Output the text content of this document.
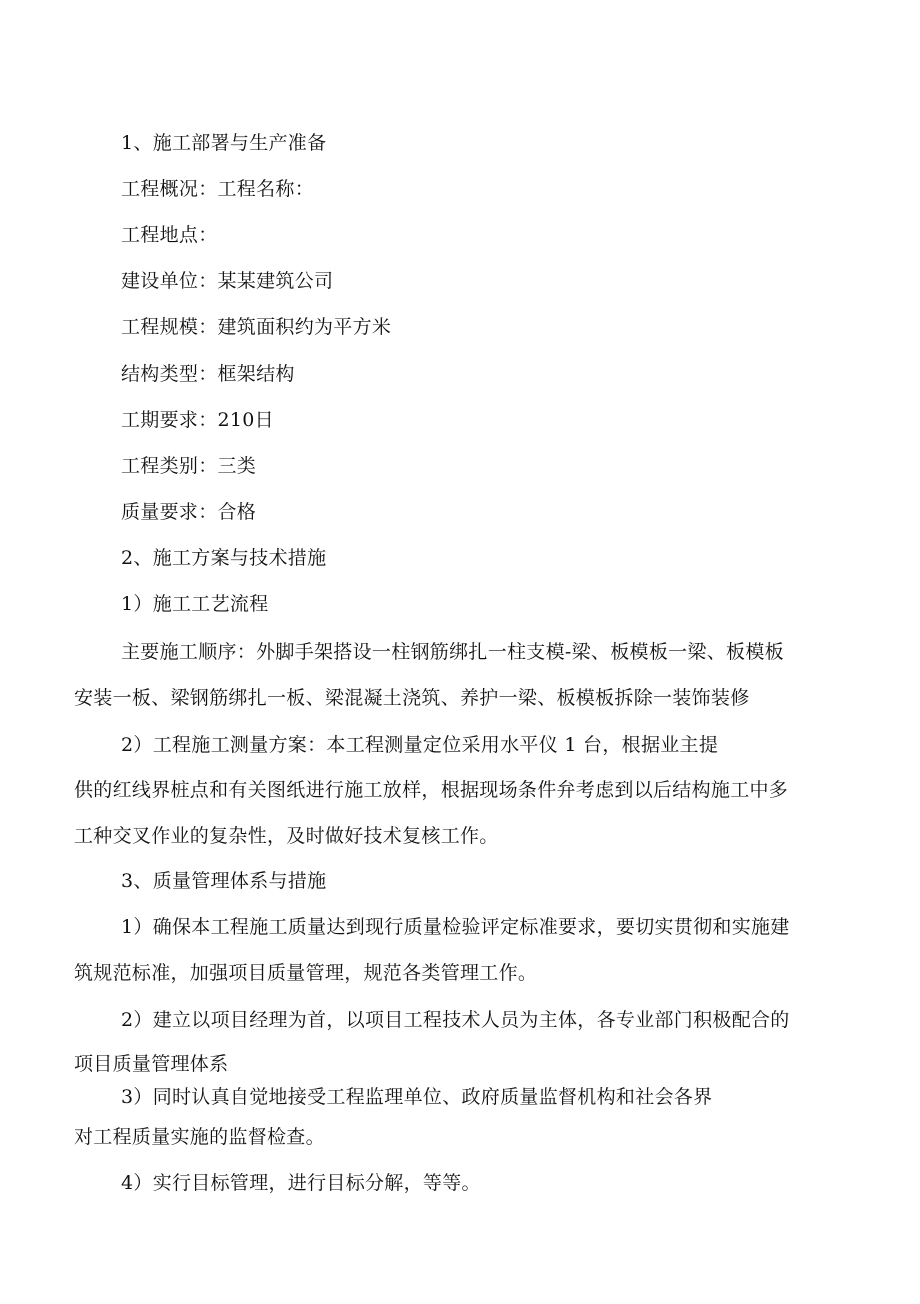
1、施工部署与生产准备
工程概况：工程名称：
工程地点：
建设单位：某某建筑公司
工程规模：建筑面积约为平方米
结构类型：框架结构
工期要求：210日
工程类别：三类
质量要求：合格
2、施工方案与技术措施
1）施工工艺流程
主要施工顺序：外脚手架搭设一柱钢筋绑扎一柱支模-梁、板模板一梁、板模板
安装一板、梁钢筋绑扎一板、梁混凝土浇筑、养护一梁、板模板拆除一装饰装修
2）工程施工测量方案：本工程测量定位采用水平仪 1 台，根据业主提
供的红线界桩点和有关图纸进行施工放样，根据现场条件弁考虑到以后结构施工中多
工种交叉作业的复杂性，及时做好技术复核工作。
3、质量管理体系与措施
1）确保本工程施工质量达到现行质量检验评定标准要求，要切实贯彻和实施建
筑规范标准，加强项目质量管理，规范各类管理工作。
2）建立以项目经理为首，以项目工程技术人员为主体，各专业部门积极配合的
项目质量管理体系
3）同时认真自觉地接受工程监理单位、政府质量监督机构和社会各界
对工程质量实施的监督检查。
4）实行目标管理，进行目标分解，等等。
